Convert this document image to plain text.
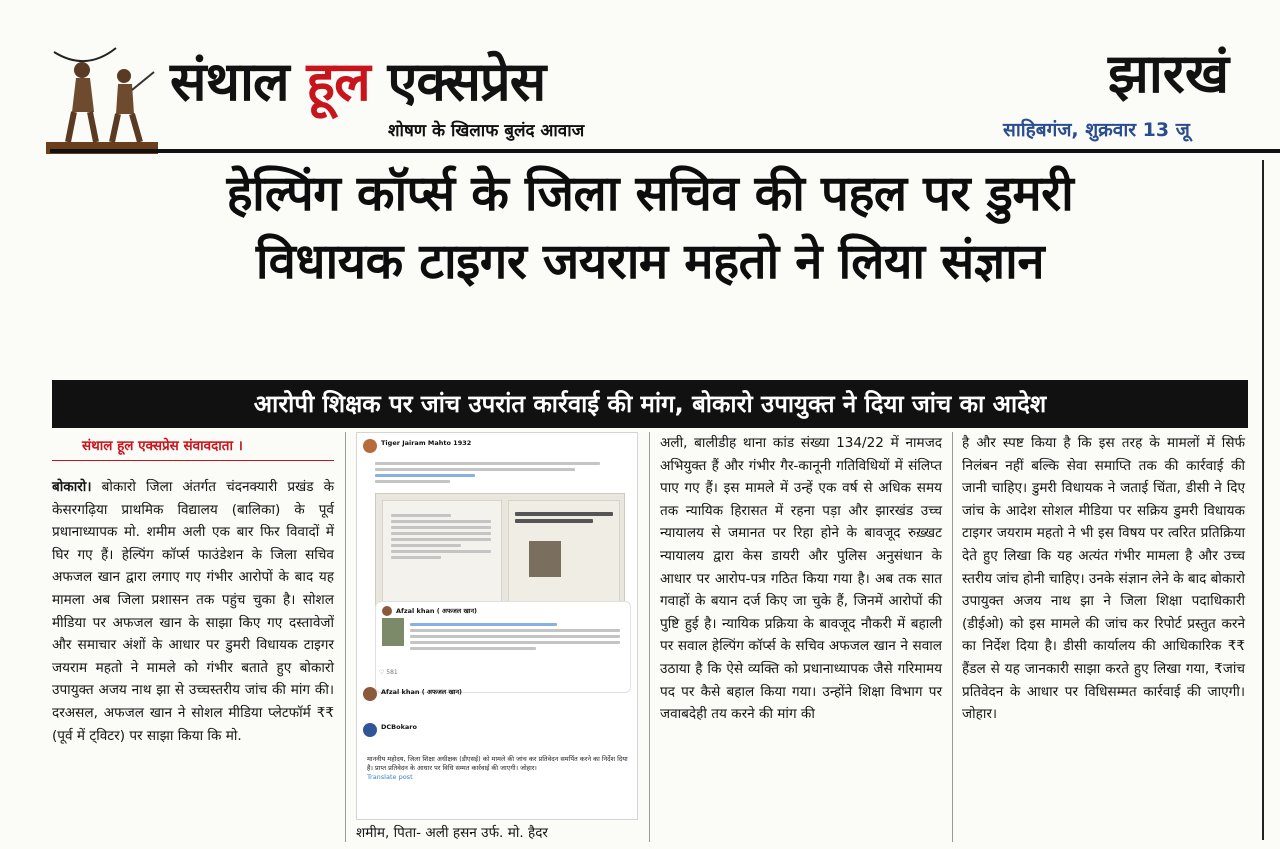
संथाल हूल एक्सप्रेस
शोषण के खिलाफ बुलंद आवाज
झारखं
साहिबगंज, शुक्रवार 13 जू
हेल्पिंग कॉर्प्स के जिला सचिव की पहल पर डुमरी
विधायक टाइगर जयराम महतो ने लिया संज्ञान
आरोपी शिक्षक पर जांच उपरांत कार्रवाई की मांग, बोकारो उपायुक्त ने दिया जांच का आदेश
संथाल हूल एक्सप्रेस संवावदाता ।
बोकारो। बोकारो जिला अंतर्गत चंदनक्यारी प्रखंड के केसरगढ़िया प्राथमिक विद्यालय (बालिका) के पूर्व प्रधानाध्यापक मो. शमीम अली एक बार फिर विवादों में घिर गए हैं। हेल्पिंग कॉर्प्स फाउंडेशन के जिला सचिव अफजल खान द्वारा लगाए गए गंभीर आरोपों के बाद यह मामला अब जिला प्रशासन तक पहुंच चुका है। सोशल मीडिया पर अफजल खान के साझा किए गए दस्तावेजों और समाचार अंशों के आधार पर डुमरी विधायक टाइगर जयराम महतो ने मामले को गंभीर बताते हुए बोकारो उपायुक्त अजय नाथ झा से उच्चस्तरीय जांच की मांग की। दरअसल, अफजल खान ने सोशल मीडिया प्लेटफॉर्म ₹₹ (पूर्व में ट्विटर) पर साझा किया कि मो.
Tiger Jairam Mahto 1932
Afzal khan ( अफजल खान)
♡ 581
Afzal khan ( अफजल खान)
DCBokaro
माननीय महोदय, जिला शिक्षा अधीक्षक (डीएसई) को मामले की जांच कर प्रतिवेदन समर्पित करने का निर्देश दिया है। प्राप्त प्रतिवेदन के आधार पर विधि सम्मत कार्रवाई की जाएगी। जोहार।
Translate post
शमीम, पिता- अली हसन उर्फ. मो. हैदर
अली, बालीडीह थाना कांड संख्या 134/22 में नामजद अभियुक्त हैं और गंभीर गैर-कानूनी गतिविधियों में संलिप्त पाए गए हैं। इस मामले में उन्हें एक वर्ष से अधिक समय तक न्यायिक हिरासत में रहना पड़ा और झारखंड उच्च न्यायालय से जमानत पर रिहा होने के बावजूद रुख़्खट न्यायालय द्वारा केस डायरी और पुलिस अनुसंधान के आधार पर आरोप-पत्र गठित किया गया है। अब तक सात गवाहों के बयान दर्ज किए जा चुके हैं, जिनमें आरोपों की पुष्टि हुई है। न्यायिक प्रक्रिया के बावजूद नौकरी में बहाली पर सवाल हेल्पिंग कॉर्प्स के सचिव अफजल खान ने सवाल उठाया है कि ऐसे व्यक्ति को प्रधानाध्यापक जैसे गरिमामय पद पर कैसे बहाल किया गया। उन्होंने शिक्षा विभाग पर जवाबदेही तय करने की मांग की
है और स्पष्ट किया है कि इस तरह के मामलों में सिर्फ निलंबन नहीं बल्कि सेवा समाप्ति तक की कार्रवाई की जानी चाहिए। डुमरी विधायक ने जताई चिंता, डीसी ने दिए जांच के आदेश सोशल मीडिया पर सक्रिय डुमरी विधायक टाइगर जयराम महतो ने भी इस विषय पर त्वरित प्रतिक्रिया देते हुए लिखा कि यह अत्यंत गंभीर मामला है और उच्च स्तरीय जांच होनी चाहिए। उनके संज्ञान लेने के बाद बोकारो उपायुक्त अजय नाथ झा ने जिला शिक्षा पदाधिकारी (डीईओ) को इस मामले की जांच कर रिपोर्ट प्रस्तुत करने का निर्देश दिया है। डीसी कार्यालय की आधिकारिक ₹₹ हैंडल से यह जानकारी साझा करते हुए लिखा गया, ₹जांच प्रतिवेदन के आधार पर विधिसम्मत कार्रवाई की जाएगी। जोहार।
